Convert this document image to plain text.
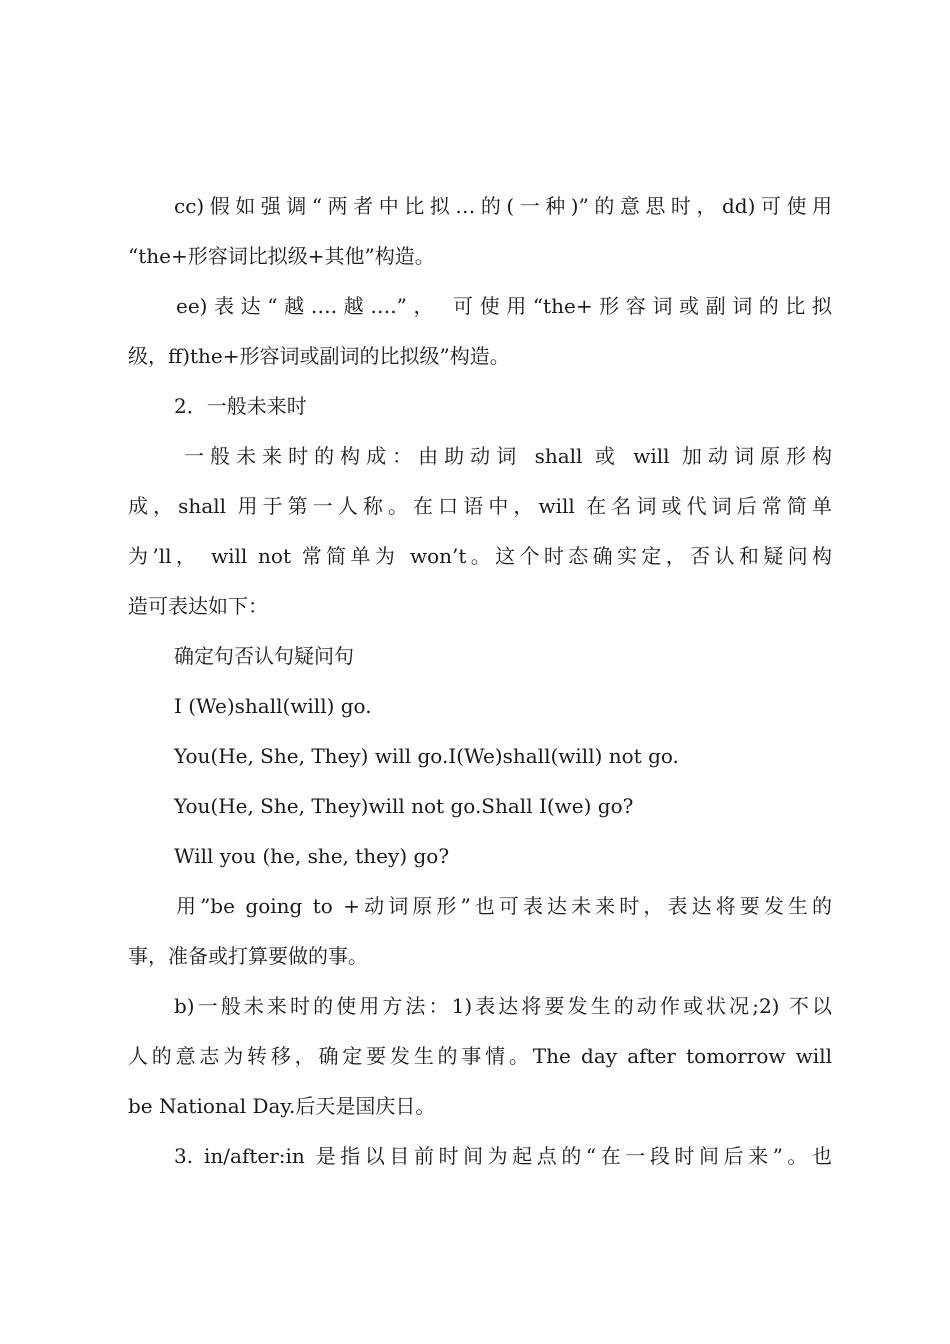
cc)假如强调“两者中比拟…的(一种)”的意思时，dd)可使用
“the+形容词比拟级+其他”构造。
ee)表达“越….越….”， 可使用“the+形容词或副词的比拟
级，ff)the+形容词或副词的比拟级”构造。
2．一般未来时
一般未来时的构成：由助动词 shall 或 will 加动词原形构
成，shall 用于第一人称。在口语中，will 在名词或代词后常简单
为’ll， will not 常简单为 won’t。这个时态确实定，否认和疑问构
造可表达如下：
确定句否认句疑问句
I (We)shall(will) go.
You(He, She, They) will go.I(We)shall(will) not go.
You(He, She, They)will not go.Shall I(we) go?
Will you (he, she, they) go?
用”be going to +动词原形”也可表达未来时，表达将要发生的
事，准备或打算要做的事。
b)一般未来时的使用方法：1)表达将要发生的动作或状况;2) 不以
人的意志为转移，确定要发生的事情。The day after tomorrow will
be National Day.后天是国庆日。
3. in/after:in 是指以目前时间为起点的“在一段时间后来”。也
